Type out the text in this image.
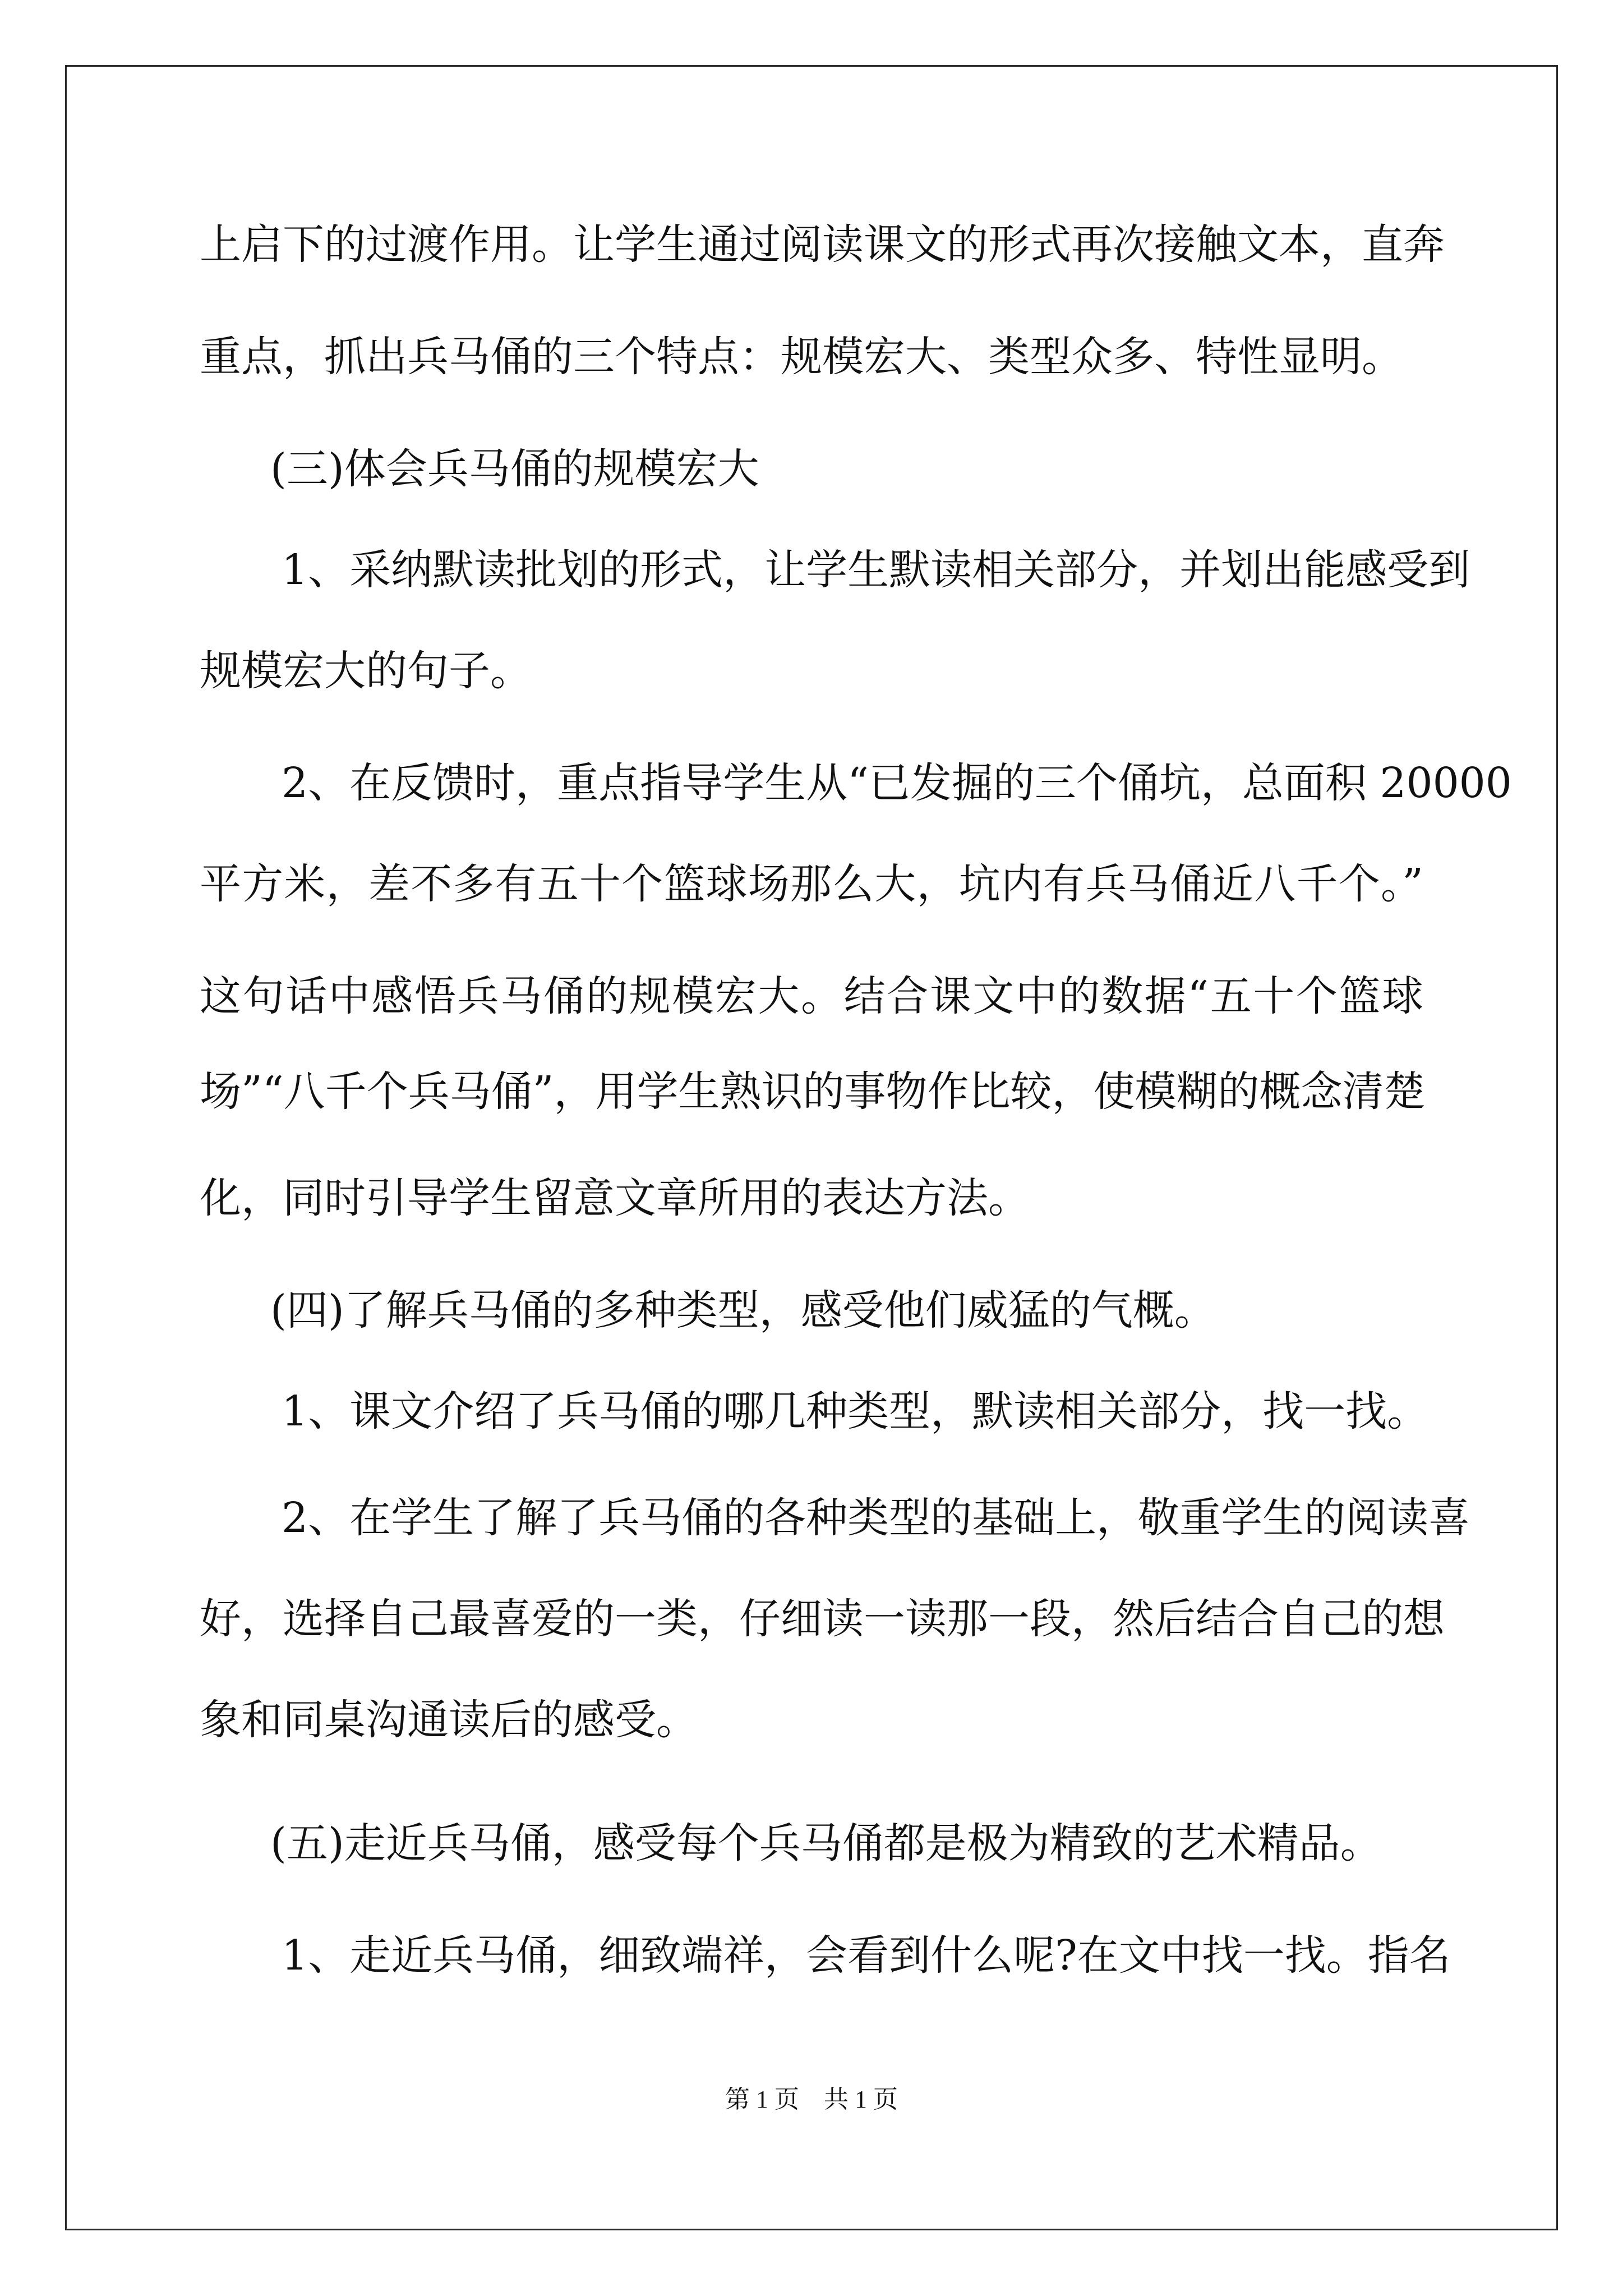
上启下的过渡作用。让学生通过阅读课文的形式再次接触文本，直奔
重点，抓出兵马俑的三个特点：规模宏大、类型众多、特性显明。
(三)体会兵马俑的规模宏大
1、采纳默读批划的形式，让学生默读相关部分，并划出能感受到
规模宏大的句子。
2、在反馈时，重点指导学生从“已发掘的三个俑坑，总面积 20000
平方米，差不多有五十个篮球场那么大，坑内有兵马俑近八千个。”
这句话中感悟兵马俑的规模宏大。结合课文中的数据“五十个篮球
场”“八千个兵马俑”，用学生熟识的事物作比较，使模糊的概念清楚
化，同时引导学生留意文章所用的表达方法。
(四)了解兵马俑的多种类型，感受他们威猛的气概。
1、课文介绍了兵马俑的哪几种类型，默读相关部分，找一找。
2、在学生了解了兵马俑的各种类型的基础上，敬重学生的阅读喜
好，选择自己最喜爱的一类，仔细读一读那一段，然后结合自己的想
象和同桌沟通读后的感受。
(五)走近兵马俑，感受每个兵马俑都是极为精致的艺术精品。
1、走近兵马俑，细致端祥，会看到什么呢?在文中找一找。指名
第 1 页　共 1 页
